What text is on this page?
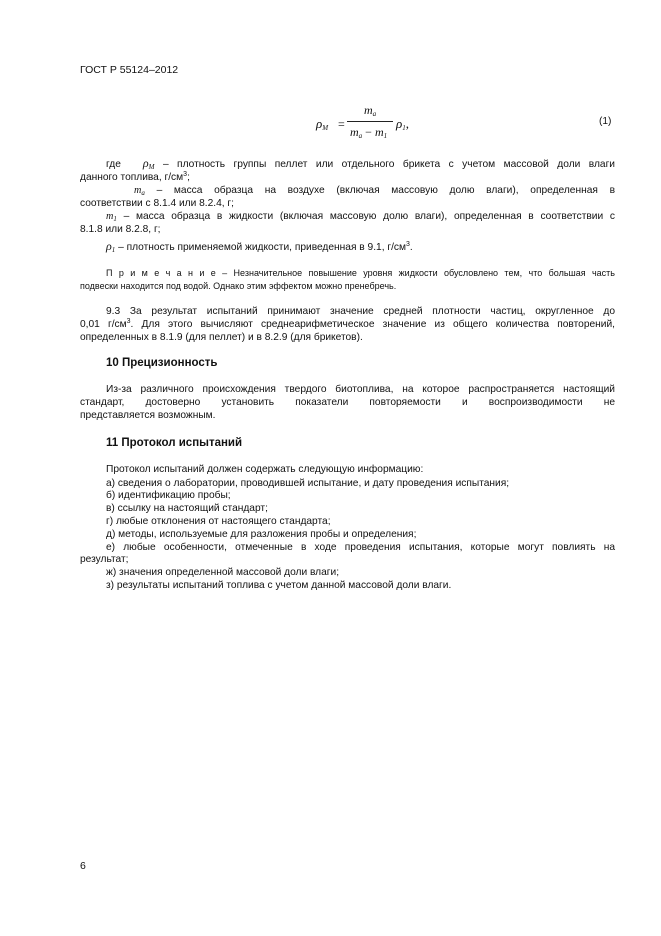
ГОСТ Р 55124–2012
$\rho_М$ =
$m_a$
$m_a - m_1$
$\rho_1$,	(1)
где $\rho_М$ – плотность группы пеллет или отдельного брикета с учетом массовой доли влаги
данного топлива, $г/см^3$;
$m_a$ – масса образца на воздухе (включая массовую долю влаги), определенная в
соответствии с 8.1.4 или 8.2.4, г;
$m_1$ – масса образца в жидкости (включая массовую долю влаги), определенная в соответствии с
8.1.8 или 8.2.8, г;
$\rho_1$ – плотность применяемой жидкости, приведенная в 9.1, $г/см^3$.
П р и м е ч а н и е – Незначительное повышение уровня жидкости обусловлено тем, что большая часть
подвески находится под водой. Однако этим эффектом можно пренебречь.
9.3 За результат испытаний принимают значение средней плотности частиц, округленное до
0,01 $г/см^3$. Для этого вычисляют среднеарифметическое значение из общего количества повторений,
определенных в 8.1.9 (для пеллет) и в 8.2.9 (для брикетов).
10 Прецизионность
Из-за различного происхождения твердого биотоплива, на которое распространяется настоящий
стандарт, достоверно установить показатели повторяемости и воспроизводимости не
представляется возможным.
11 Протокол испытаний
Протокол испытаний должен содержать следующую информацию:
а) сведения о лаборатории, проводившей испытание, и дату проведения испытания;
б) идентификацию пробы;
в) ссылку на настоящий стандарт;
г) любые отклонения от настоящего стандарта;
д) методы, используемые для разложения пробы и определения;
е) любые особенности, отмеченные в ходе проведения испытания, которые могут повлиять на
результат;
ж) значения определенной массовой доли влаги;
з) результаты испытаний топлива с учетом данной массовой доли влаги.
6
